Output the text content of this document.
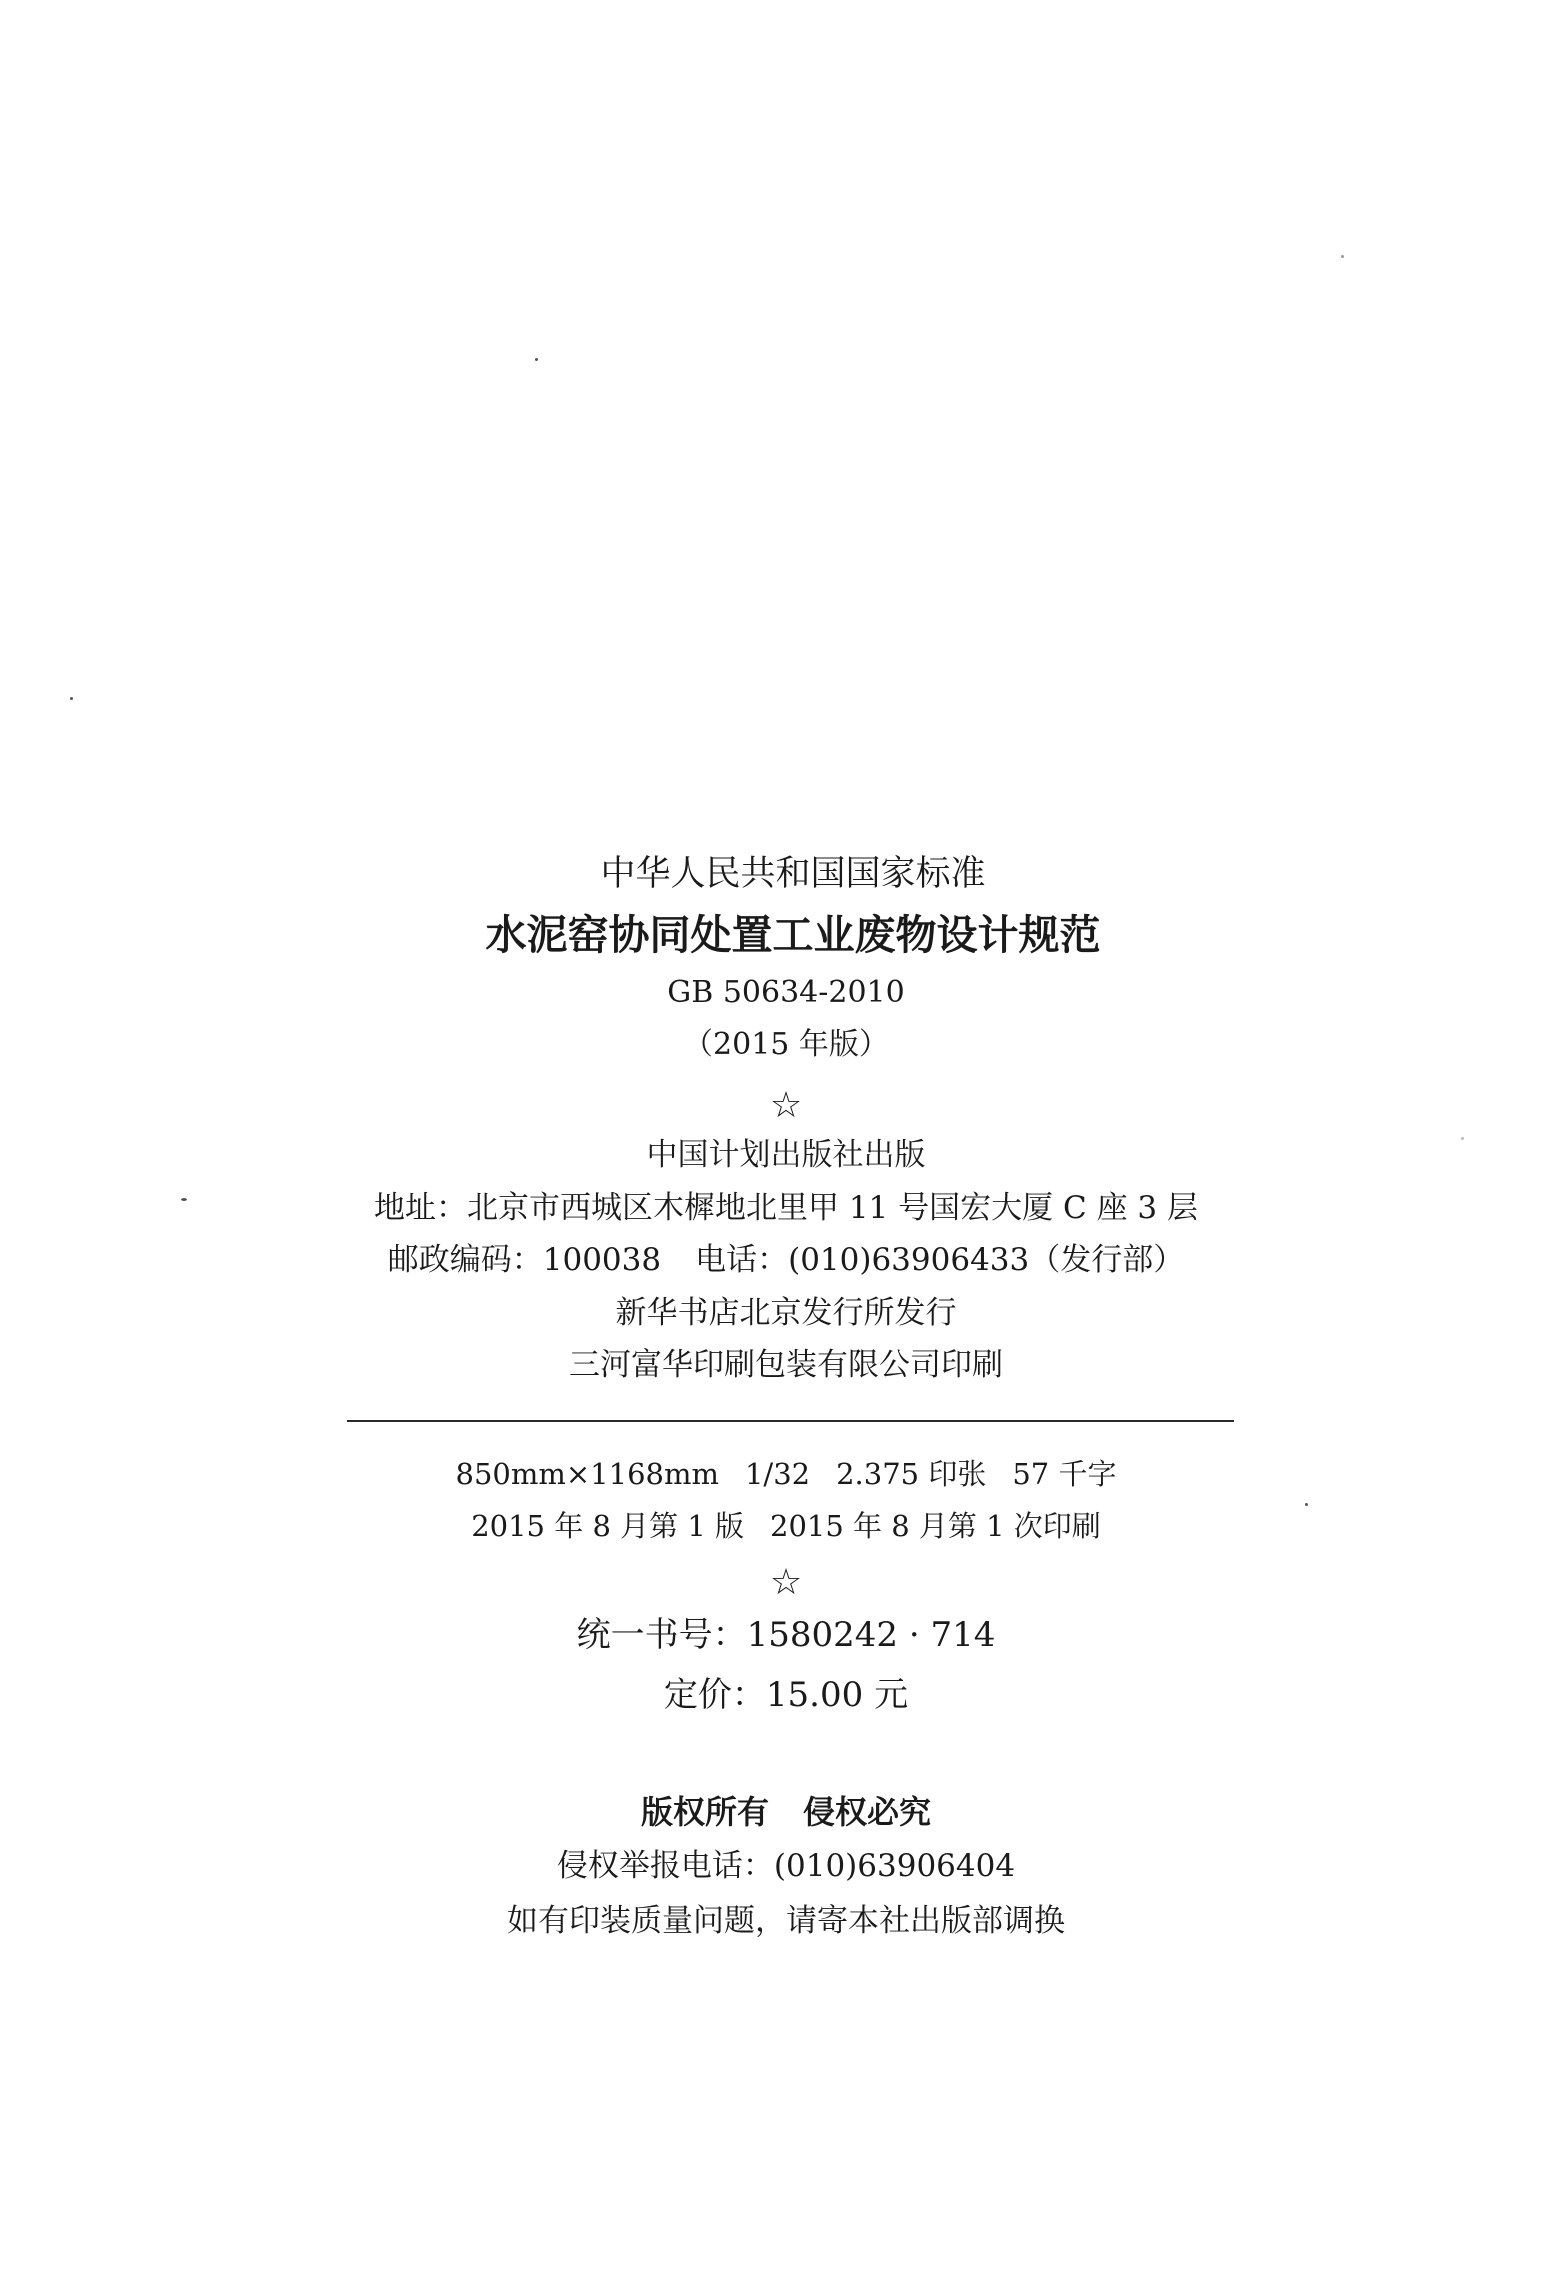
中华人民共和国国家标准
水泥窑协同处置工业废物设计规范
GB 50634-2010
（2015 年版）
☆
中国计划出版社出版
地址：北京市西城区木樨地北里甲 11 号国宏大厦 C 座 3 层
邮政编码：100038 电话：(010)63906433（发行部）
新华书店北京发行所发行
三河富华印刷包装有限公司印刷
850mm×1168mm 1/32 2.375 印张 57 千字
2015 年 8 月第 1 版 2015 年 8 月第 1 次印刷
☆
统一书号：1580242 · 714
定价：15.00 元
版权所有 侵权必究
侵权举报电话：(010)63906404
如有印装质量问题，请寄本社出版部调换
